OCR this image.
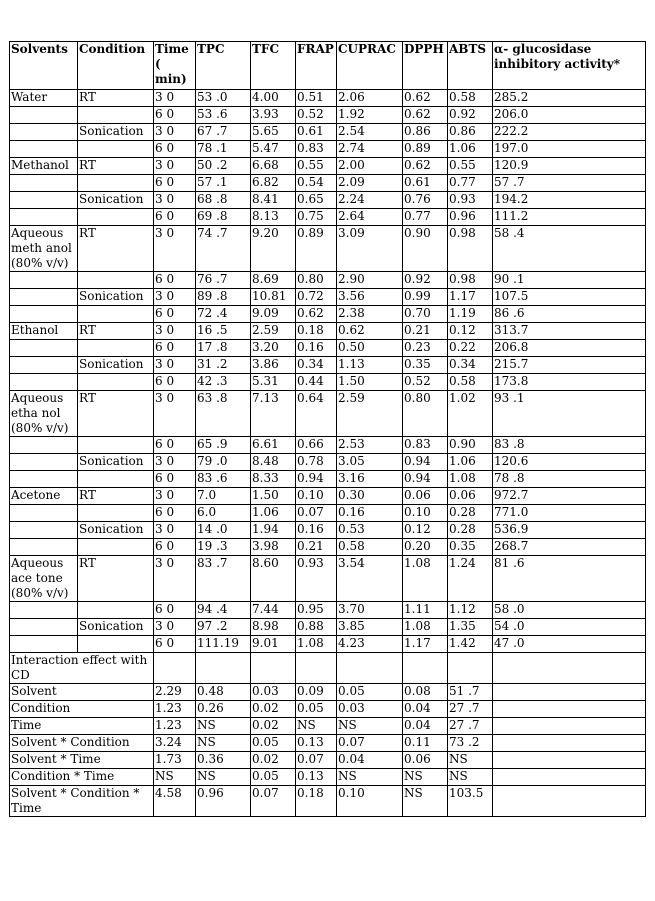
Solvents	Condition	Time ( min)	TPC	TFC	FRAP	CUPRAC	DPPH	ABTS	α- glucosidase inhibitory activity*
Water	RT	3 0	53 .0	4.00	0.51	2.06	0.62	0.58	285.2
		6 0	53 .6	3.93	0.52	1.92	0.62	0.92	206.0
	Sonication	3 0	67 .7	5.65	0.61	2.54	0.86	0.86	222.2
		6 0	78 .1	5.47	0.83	2.74	0.89	1.06	197.0
Methanol	RT	3 0	50 .2	6.68	0.55	2.00	0.62	0.55	120.9
		6 0	57 .1	6.82	0.54	2.09	0.61	0.77	57 .7
	Sonication	3 0	68 .8	8.41	0.65	2.24	0.76	0.93	194.2
		6 0	69 .8	8.13	0.75	2.64	0.77	0.96	111.2
Aqueous meth anol (80% v/v)	RT	3 0	74 .7	9.20	0.89	3.09	0.90	0.98	58 .4
		6 0	76 .7	8.69	0.80	2.90	0.92	0.98	90 .1
	Sonication	3 0	89 .8	10.81	0.72	3.56	0.99	1.17	107.5
		6 0	72 .4	9.09	0.62	2.38	0.70	1.19	86 .6
Ethanol	RT	3 0	16 .5	2.59	0.18	0.62	0.21	0.12	313.7
		6 0	17 .8	3.20	0.16	0.50	0.23	0.22	206.8
	Sonication	3 0	31 .2	3.86	0.34	1.13	0.35	0.34	215.7
		6 0	42 .3	5.31	0.44	1.50	0.52	0.58	173.8
Aqueous etha nol (80% v/v)	RT	3 0	63 .8	7.13	0.64	2.59	0.80	1.02	93 .1
		6 0	65 .9	6.61	0.66	2.53	0.83	0.90	83 .8
	Sonication	3 0	79 .0	8.48	0.78	3.05	0.94	1.06	120.6
		6 0	83 .6	8.33	0.94	3.16	0.94	1.08	78 .8
Acetone	RT	3 0	7.0	1.50	0.10	0.30	0.06	0.06	972.7
		6 0	6.0	1.06	0.07	0.16	0.10	0.28	771.0
	Sonication	3 0	14 .0	1.94	0.16	0.53	0.12	0.28	536.9
		6 0	19 .3	3.98	0.21	0.58	0.20	0.35	268.7
Aqueous ace tone (80% v/v)	RT	3 0	83 .7	8.60	0.93	3.54	1.08	1.24	81 .6
		6 0	94 .4	7.44	0.95	3.70	1.11	1.12	58 .0
	Sonication	3 0	97 .2	8.98	0.88	3.85	1.08	1.35	54 .0
		6 0	111.19	9.01	1.08	4.23	1.17	1.42	47 .0
Interaction effect with CD									
Solvent		2.29	0.48	0.03	0.09	0.05	0.08	51 .7	
Condition		1.23	0.26	0.02	0.05	0.03	0.04	27 .7	
Time		1.23	NS	0.02	NS	NS	0.04	27 .7	
Solvent * Condition		3.24	NS	0.05	0.13	0.07	0.11	73 .2	
Solvent * Time		1.73	0.36	0.02	0.07	0.04	0.06	NS	
Condition * Time		NS	NS	0.05	0.13	NS	NS	NS	
Solvent * Condition * Time		4.58	0.96	0.07	0.18	0.10	NS	103.5	
